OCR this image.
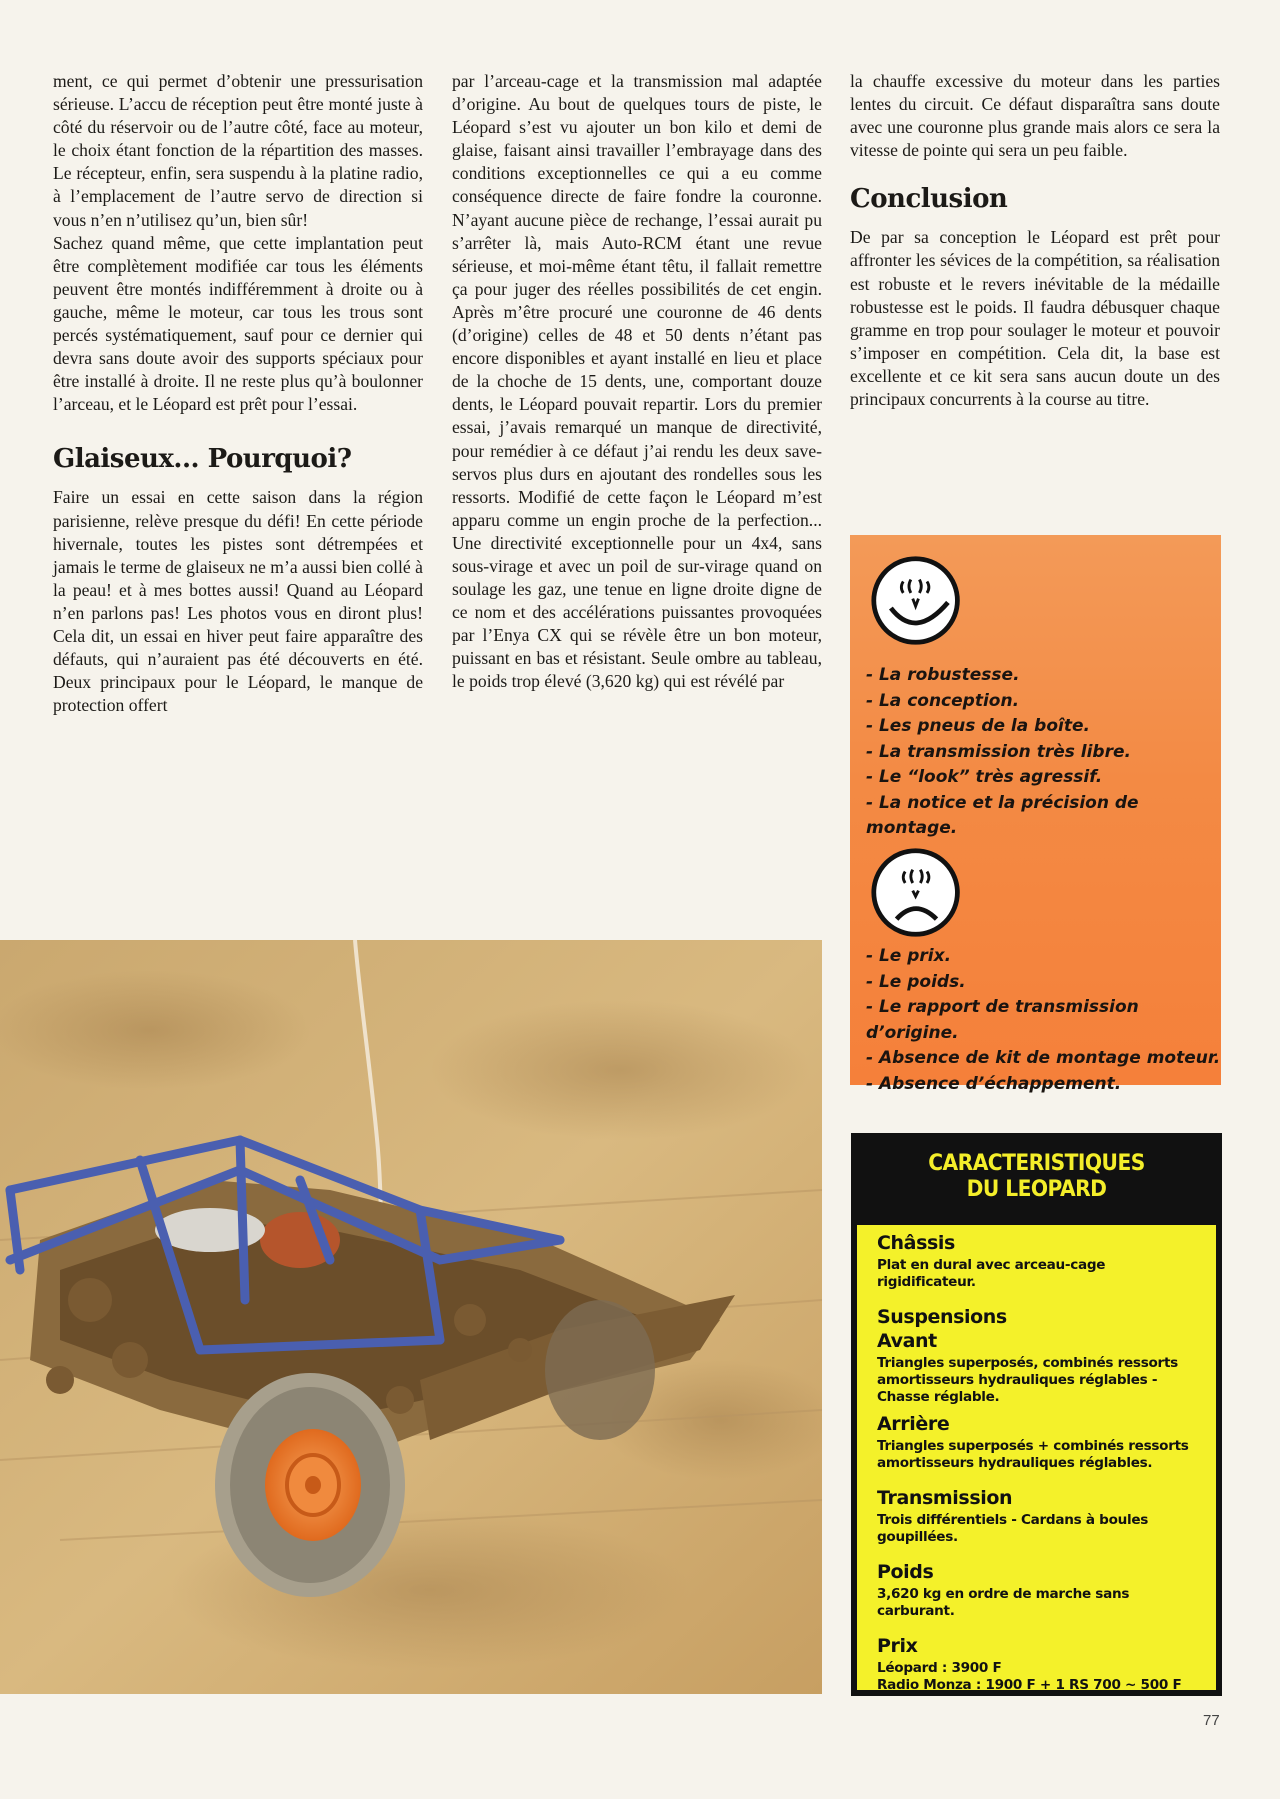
ment, ce qui permet d’obtenir une pressurisation sérieuse. L’accu de réception peut être monté juste à côté du réservoir ou de l’autre côté, face au moteur, le choix étant fonction de la répartition des masses. Le récepteur, enfin, sera suspendu à la platine radio, à l’emplacement de l’autre servo de direction si vous n’en n’utilisez qu’un, bien sûr!

Sachez quand même, que cette implantation peut être complètement modifiée car tous les éléments peuvent être montés indifféremment à droite ou à gauche, même le moteur, car tous les trous sont percés systématiquement, sauf pour ce dernier qui devra sans doute avoir des supports spéciaux pour être installé à droite. Il ne reste plus qu’à boulonner l’arceau, et le Léopard est prêt pour l’essai.

Glaiseux... Pourquoi?

Faire un essai en cette saison dans la région parisienne, relève presque du défi! En cette période hivernale, toutes les pistes sont détrempées et jamais le terme de glaiseux ne m’a aussi bien collé à la peau! et à mes bottes aussi! Quand au Léopard n’en parlons pas! Les photos vous en diront plus! Cela dit, un essai en hiver peut faire apparaître des défauts, qui n’auraient pas été découverts en été. Deux principaux pour le Léopard, le manque de protection offert

par l’arceau-cage et la transmission mal adaptée d’origine. Au bout de quelques tours de piste, le Léopard s’est vu ajouter un bon kilo et demi de glaise, faisant ainsi travailler l’embrayage dans des conditions exceptionnelles ce qui a eu comme conséquence directe de faire fondre la couronne. N’ayant aucune pièce de rechange, l’essai aurait pu s’arrêter là, mais Auto-RCM étant une revue sérieuse, et moi-même étant têtu, il fallait remettre ça pour juger des réelles possibilités de cet engin. Après m’être procuré une couronne de 46 dents (d’origine) celles de 48 et 50 dents n’étant pas encore disponibles et ayant installé en lieu et place de la choche de 15 dents, une, comportant douze dents, le Léopard pouvait repartir. Lors du premier essai, j’avais remarqué un manque de directivité, pour remédier à ce défaut j’ai rendu les deux save-servos plus durs en ajoutant des rondelles sous les ressorts. Modifié de cette façon le Léopard m’est apparu comme un engin proche de la perfection... Une directivité exceptionnelle pour un 4x4, sans sous-virage et avec un poil de sur-virage quand on soulage les gaz, une tenue en ligne droite digne de ce nom et des accélérations puissantes provoquées par l’Enya CX qui se révèle être un bon moteur, puissant en bas et résistant. Seule ombre au tableau, le poids trop élevé (3,620 kg) qui est révélé par

la chauffe excessive du moteur dans les parties lentes du circuit. Ce défaut disparaîtra sans doute avec une couronne plus grande mais alors ce sera la vitesse de pointe qui sera un peu faible.

Conclusion

De par sa conception le Léopard est prêt pour affronter les sévices de la compétition, sa réalisation est robuste et le revers inévitable de la médaille robustesse est le poids. Il faudra débusquer chaque gramme en trop pour soulager le moteur et pouvoir s’imposer en compétition. Cela dit, la base est excellente et ce kit sera sans aucun doute un des principaux concurrents à la course au titre.

- La robustesse.
- La conception.
- Les pneus de la boîte.
- La transmission très libre.
- Le “look” très agressif.
- La notice et la précision de montage.
- Le prix.
- Le poids.
- Le rapport de transmission d’origine.
- Absence de kit de montage moteur.
- Absence d’échappement.
CARACTERISTIQUES
DU LEOPARD

Châssis

Plat en dural avec arceau-cage rigidificateur.

Suspensions

Avant

Triangles superposés, combinés ressorts
amortisseurs hydrauliques réglables -
Chasse réglable.

Arrière

Triangles superposés + combinés ressorts
amortisseurs hydrauliques réglables.

Transmission

Trois différentiels - Cardans à boules goupillées.

Poids

3,620 kg en ordre de marche sans carburant.

Prix

Léopard : 3900 F
Radio Monza : 1900 F + 1 RS 700 ~ 500 F

77
